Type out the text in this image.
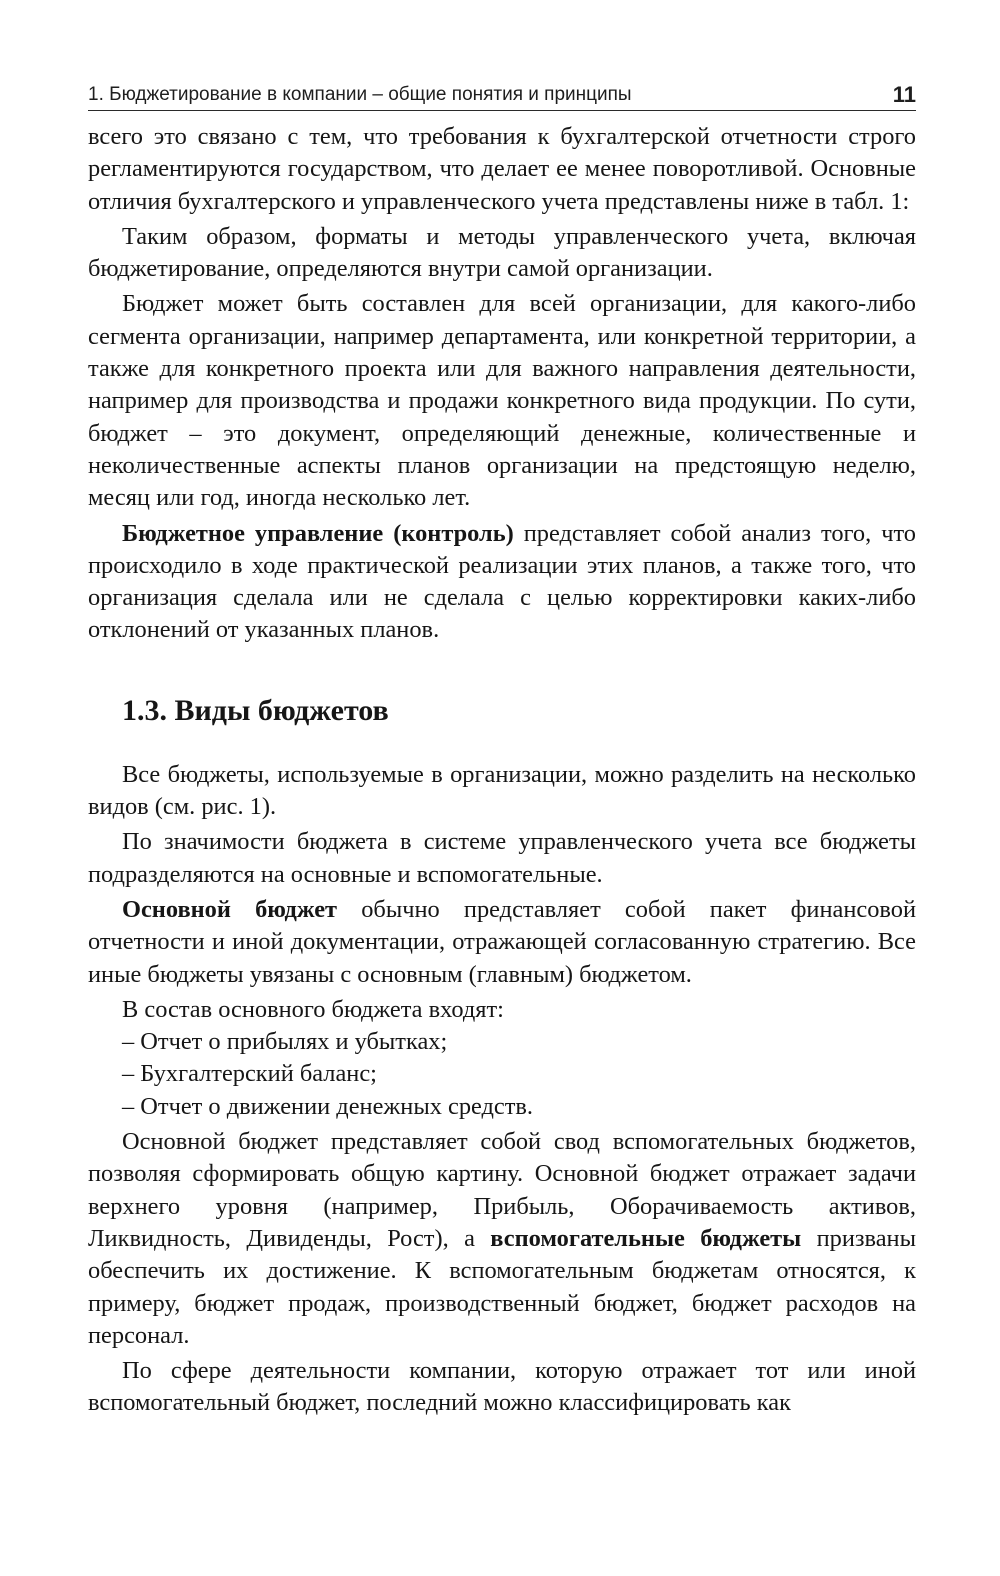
1. Бюджетирование в компании – общие понятия и принципы	11

всего это связано с тем, что требования к бухгалтерской отчетности строго регламентируются государством, что делает ее менее поворотливой. Основные отличия бухгалтерского и управленческого учета представлены ниже в табл. 1:

Таким образом, форматы и методы управленческого учета, включая бюджетирование, определяются внутри самой организации.

Бюджет может быть составлен для всей организации, для какого-либо сегмента организации, например департамента, или конкретной территории, а также для конкретного проекта или для важного направления деятельности, например для производства и продажи конкретного вида продукции. По сути, бюджет – это документ, определяющий денежные, количественные и неколичественные аспекты планов организации на предстоящую неделю, месяц или год, иногда несколько лет.

Бюджетное управление (контроль) представляет собой анализ того, что происходило в ходе практической реализации этих планов, а также того, что организация сделала или не сделала с целью корректировки каких-либо отклонений от указанных планов.

1.3. Виды бюджетов

Все бюджеты, используемые в организации, можно разделить на несколько видов (см. рис. 1).

По значимости бюджета в системе управленческого учета все бюджеты подразделяются на основные и вспомогательные.

Основной бюджет обычно представляет собой пакет финансовой отчетности и иной документации, отражающей согласованную стратегию. Все иные бюджеты увязаны с основным (главным) бюджетом.

В состав основного бюджета входят:

– Отчет о прибылях и убытках;

– Бухгалтерский баланс;

– Отчет о движении денежных средств.

Основной бюджет представляет собой свод вспомогательных бюджетов, позволяя сформировать общую картину. Основной бюджет отражает задачи верхнего уровня (например, Прибыль, Оборачиваемость активов, Ликвидность, Дивиденды, Рост), а вспомогательные бюджеты призваны обеспечить их достижение. К вспомогательным бюджетам относятся, к примеру, бюджет продаж, производственный бюджет, бюджет расходов на персонал.

По сфере деятельности компании, которую отражает тот или иной вспомогательный бюджет, последний можно классифицировать как
